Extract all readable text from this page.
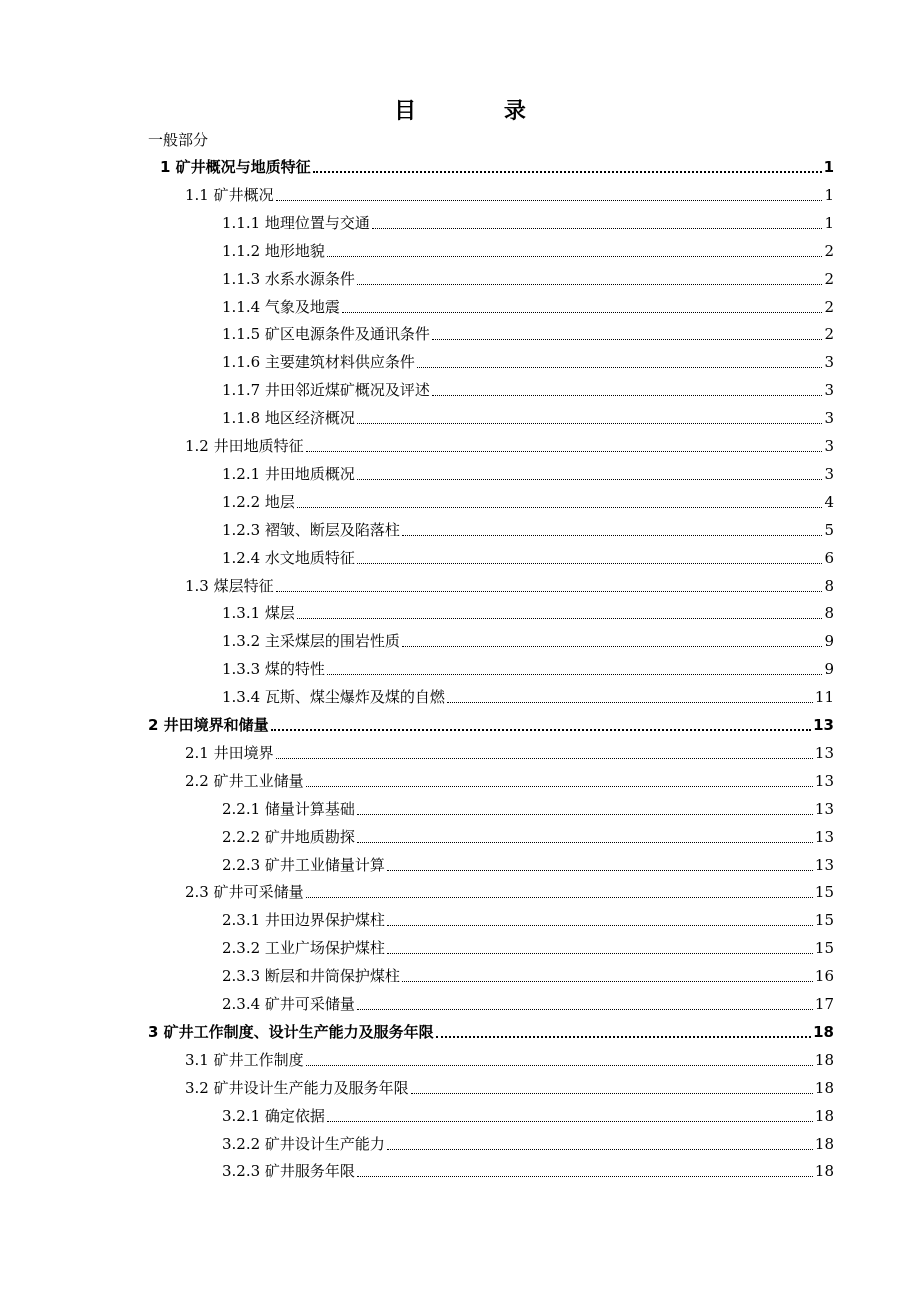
目 录
一般部分
1 矿井概况与地质特征	1
1.1 矿井概况	1
1.1.1 地理位置与交通	1
1.1.2 地形地貌	2
1.1.3 水系水源条件	2
1.1.4 气象及地震	2
1.1.5 矿区电源条件及通讯条件	2
1.1.6 主要建筑材料供应条件	3
1.1.7 井田邻近煤矿概况及评述	3
1.1.8 地区经济概况	3
1.2 井田地质特征	3
1.2.1 井田地质概况	3
1.2.2 地层	4
1.2.3 褶皱、断层及陷落柱	5
1.2.4 水文地质特征	6
1.3 煤层特征	8
1.3.1 煤层	8
1.3.2 主采煤层的围岩性质	9
1.3.3 煤的特性	9
1.3.4 瓦斯、煤尘爆炸及煤的自燃	11
2 井田境界和储量	13
2.1 井田境界	13
2.2 矿井工业储量	13
2.2.1 储量计算基础	13
2.2.2 矿井地质勘探	13
2.2.3 矿井工业储量计算	13
2.3 矿井可采储量	15
2.3.1 井田边界保护煤柱	15
2.3.2 工业广场保护煤柱	15
2.3.3 断层和井筒保护煤柱	16
2.3.4 矿井可采储量	17
3 矿井工作制度、设计生产能力及服务年限	18
3.1 矿井工作制度	18
3.2 矿井设计生产能力及服务年限	18
3.2.1 确定依据	18
3.2.2 矿井设计生产能力	18
3.2.3 矿井服务年限	18
